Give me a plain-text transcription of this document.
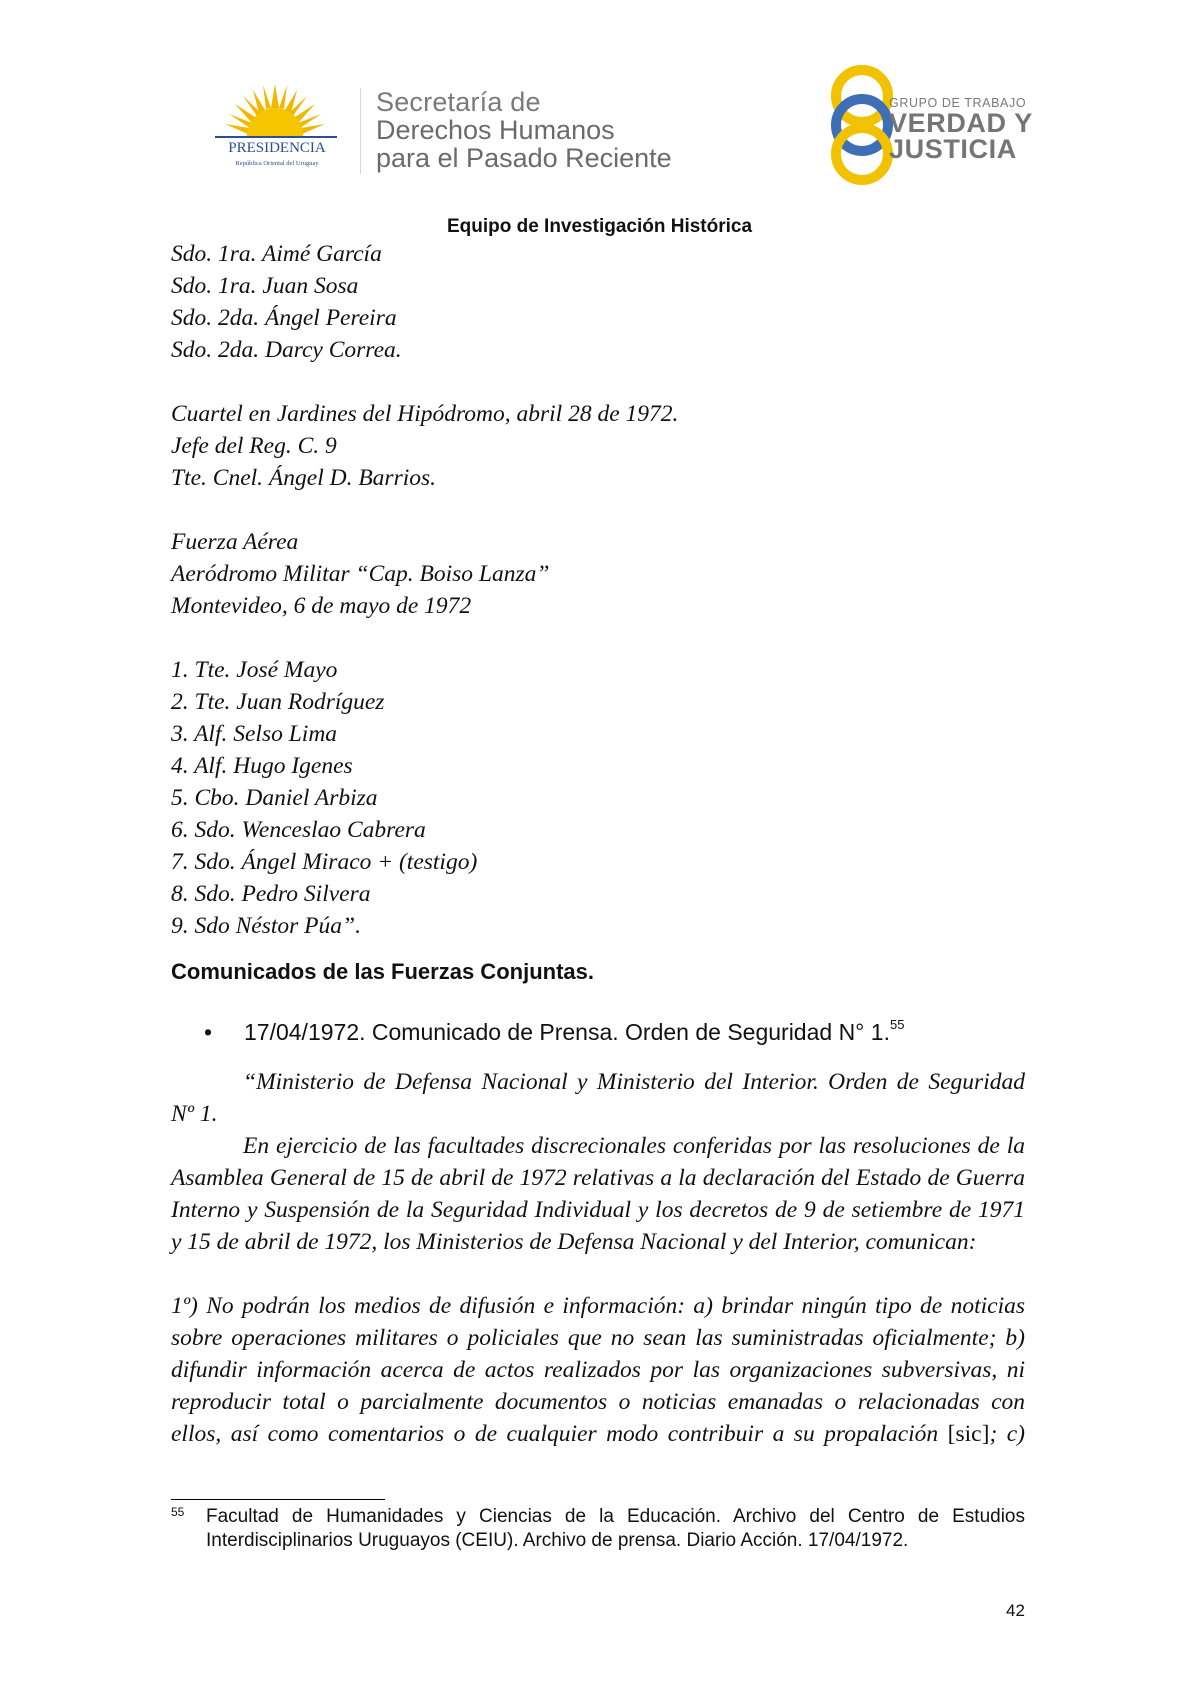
PRESIDENCIA
República Oriental del Uruguay
Secretaría de
Derechos Humanos
para el Pasado Reciente
GRUPO DE TRABAJO
VERDAD Y
JUSTICIA
Equipo de Investigación Histórica
Sdo. 1ra. Aimé García
Sdo. 1ra. Juan Sosa
Sdo. 2da. Ángel Pereira
Sdo. 2da. Darcy Correa.
Cuartel en Jardines del Hipódromo, abril 28 de 1972.
Jefe del Reg. C. 9
Tte. Cnel. Ángel D. Barrios.
Fuerza Aérea
Aeródromo Militar “Cap. Boiso Lanza”
Montevideo, 6 de mayo de 1972
1. Tte. José Mayo
2. Tte. Juan Rodríguez
3. Alf. Selso Lima
4. Alf. Hugo Igenes
5. Cbo. Daniel Arbiza
6. Sdo. Wenceslao Cabrera
7. Sdo. Ángel Miraco + (testigo)
8. Sdo. Pedro Silvera
9. Sdo Néstor Púa”.
Comunicados de las Fuerzas Conjuntas.
• 17/04/1972. Comunicado de Prensa. Orden de Seguridad N° 1.55
“Ministerio de Defensa Nacional y Ministerio del Interior. Orden de Seguridad
Nº 1.
En ejercicio de las facultades discrecionales conferidas por las resoluciones de la Asamblea General de 15 de abril de 1972 relativas a la declaración del Estado de Guerra Interno y Suspensión de la Seguridad Individual y los decretos de 9 de setiembre de 1971 y 15 de abril de 1972, los Ministerios de Defensa Nacional y del Interior, comunican:
1º) No podrán los medios de difusión e información: a) brindar ningún tipo de noticias sobre operaciones militares o policiales que no sean las suministradas oficialmente; b) difundir información acerca de actos realizados por las organizaciones subversivas, ni reproducir total o parcialmente documentos o noticias emanadas o relacionadas con ellos, así como comentarios o de cualquier modo contribuir a su propalación [sic]; c)
55 Facultad de Humanidades y Ciencias de la Educación. Archivo del Centro de Estudios
Interdisciplinarios Uruguayos (CEIU). Archivo de prensa. Diario Acción. 17/04/1972.
42
